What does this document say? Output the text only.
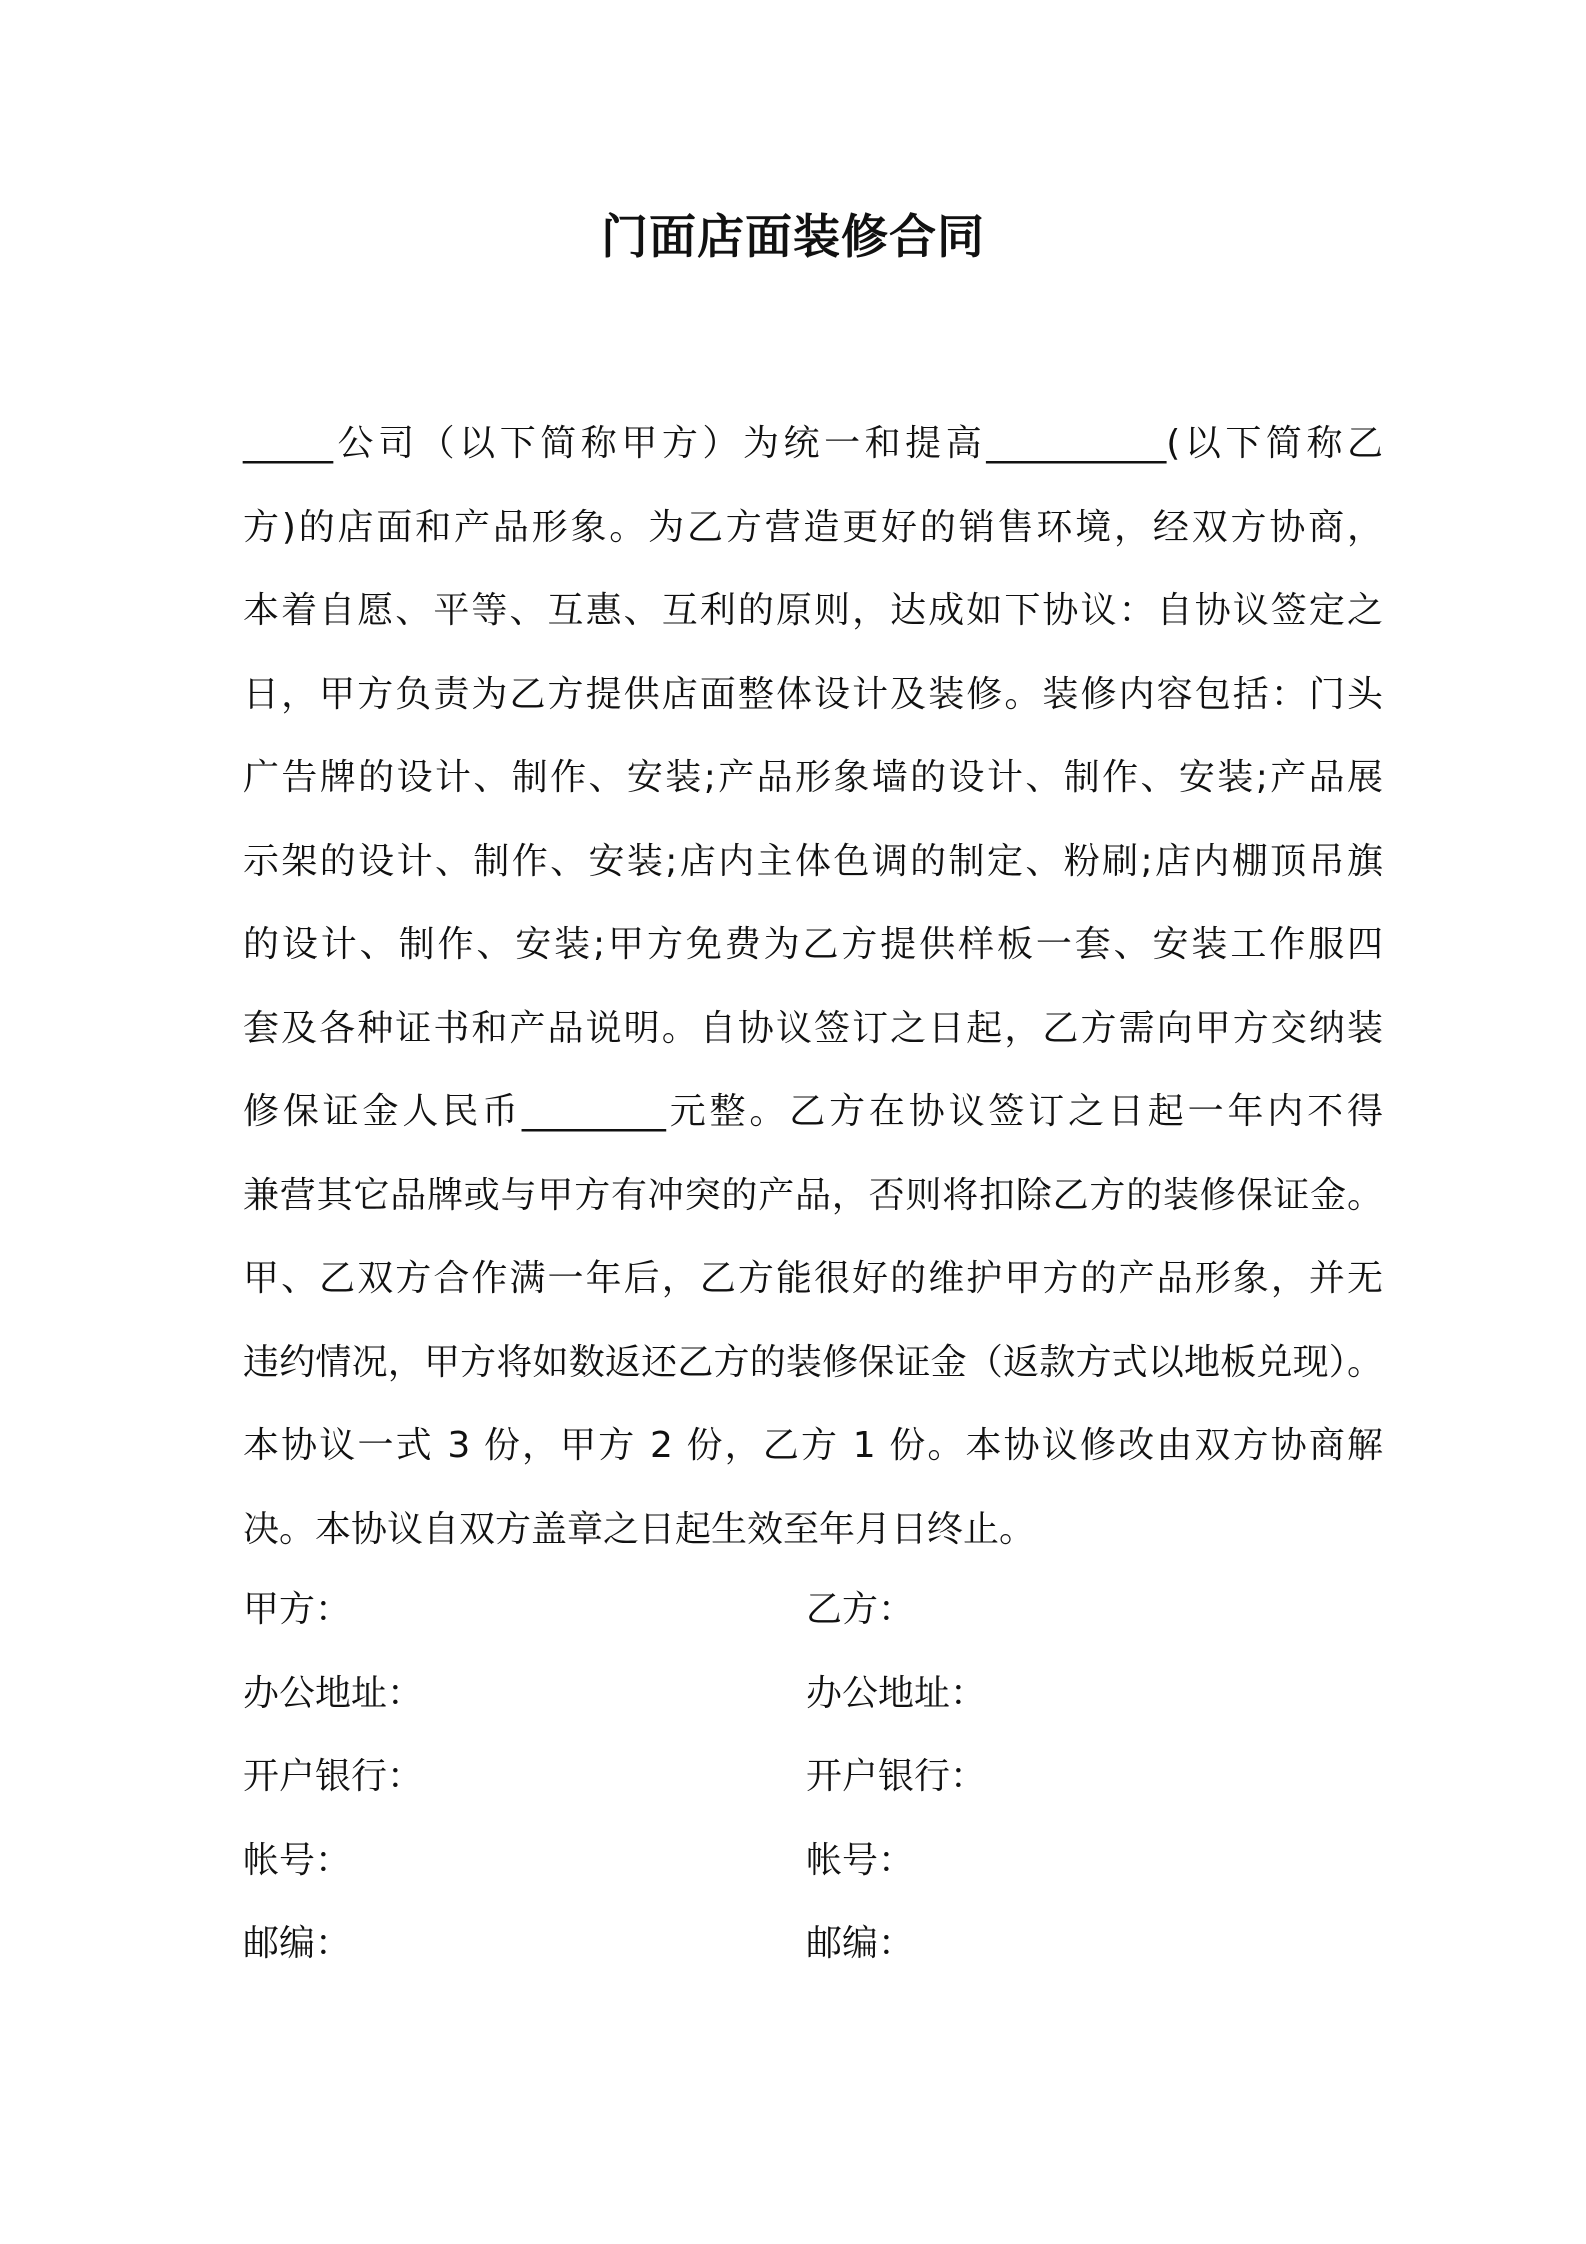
门面店面装修合同
_____公司（以下简称甲方）为统一和提高__________(以下简称乙
方)的店面和产品形象。为乙方营造更好的销售环境，经双方协商，
本着自愿、平等、互惠、互利的原则，达成如下协议：自协议签定之
日，甲方负责为乙方提供店面整体设计及装修。装修内容包括：门头
广告牌的设计、制作、安装;产品形象墙的设计、制作、安装;产品展
示架的设计、制作、安装;店内主体色调的制定、粉刷;店内棚顶吊旗
的设计、制作、安装;甲方免费为乙方提供样板一套、安装工作服四
套及各种证书和产品说明。自协议签订之日起，乙方需向甲方交纳装
修保证金人民币________元整。乙方在协议签订之日起一年内不得
兼营其它品牌或与甲方有冲突的产品，否则将扣除乙方的装修保证金。
甲、乙双方合作满一年后，乙方能很好的维护甲方的产品形象，并无
违约情况，甲方将如数返还乙方的装修保证金（返款方式以地板兑现）。
本协议一式 3 份，甲方 2 份，乙方 1 份。本协议修改由双方协商解
决。本协议自双方盖章之日起生效至年月日终止。
甲方：
办公地址：
开户银行：
帐号：
邮编：
乙方：
办公地址：
开户银行：
帐号：
邮编：
